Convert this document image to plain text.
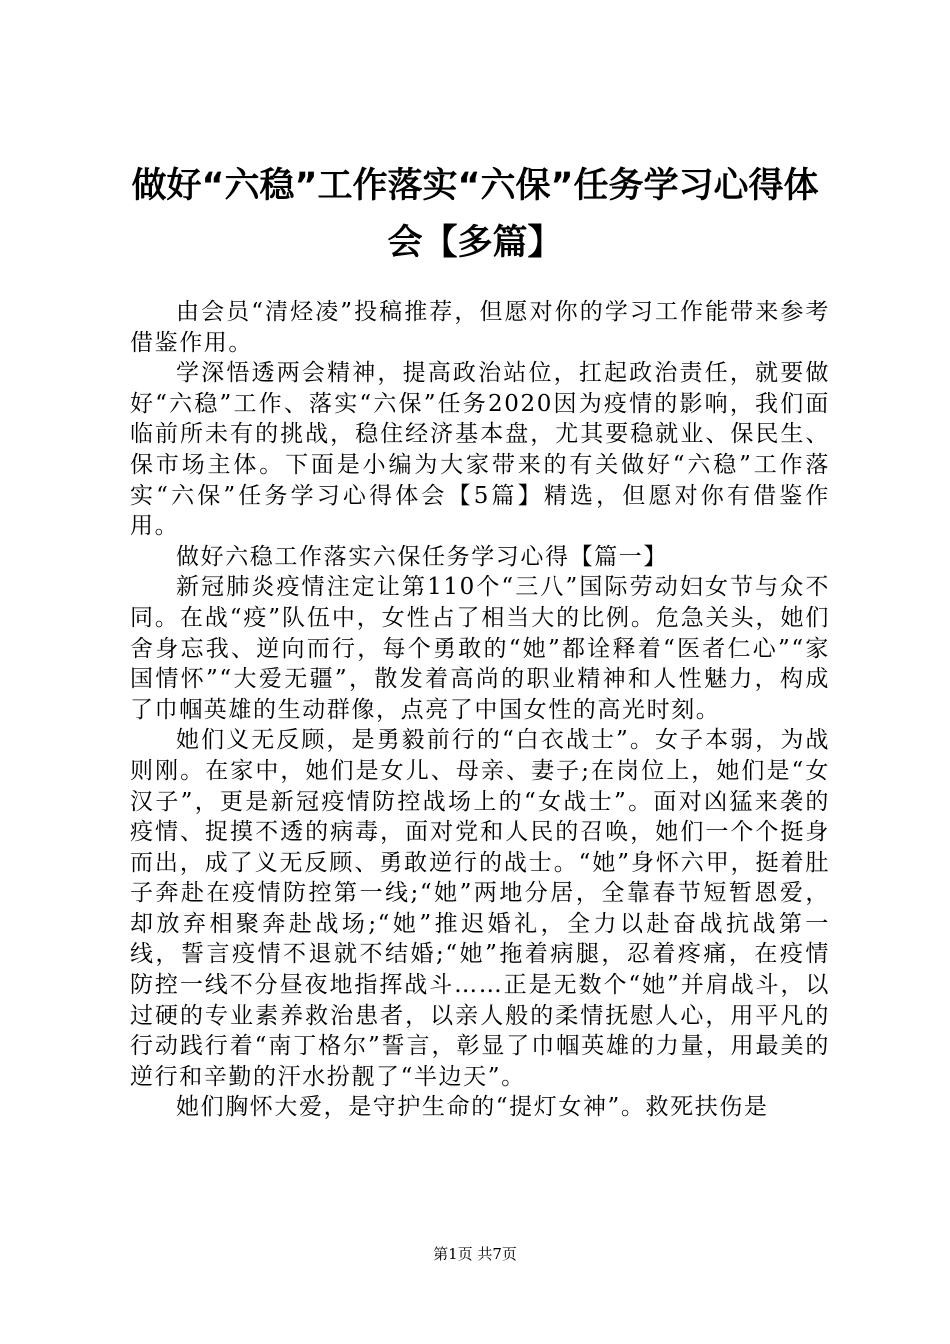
做好“六稳”工作落实“六保”任务学习心得体会【多篇】

由会员“清烃凌”投稿推荐，但愿对你的学习工作能带来参考借鉴作用。

学深悟透两会精神，提高政治站位，扛起政治责任，就要做好“六稳”工作、落实“六保”任务2020因为疫情的影响，我们面临前所未有的挑战，稳住经济基本盘，尤其要稳就业、保民生、保市场主体。下面是小编为大家带来的有关做好“六稳”工作落实“六保”任务学习心得体会【5篇】精选，但愿对你有借鉴作用。

做好六稳工作落实六保任务学习心得【篇一】

新冠肺炎疫情注定让第110个“三八”国际劳动妇女节与众不同。在战“疫”队伍中，女性占了相当大的比例。危急关头，她们舍身忘我、逆向而行，每个勇敢的“她”都诠释着“医者仁心”“家国情怀”“大爱无疆”，散发着高尚的职业精神和人性魅力，构成了巾帼英雄的生动群像，点亮了中国女性的高光时刻。

她们义无反顾，是勇毅前行的“白衣战士”。女子本弱，为战则刚。在家中，她们是女儿、母亲、妻子;在岗位上，她们是“女汉子”，更是新冠疫情防控战场上的“女战士”。面对凶猛来袭的疫情、捉摸不透的病毒，面对党和人民的召唤，她们一个个挺身而出，成了义无反顾、勇敢逆行的战士。“她”身怀六甲，挺着肚子奔赴在疫情防控第一线;“她”两地分居，全靠春节短暂恩爱，却放弃相聚奔赴战场;“她”推迟婚礼，全力以赴奋战抗战第一线，誓言疫情不退就不结婚;“她”拖着病腿，忍着疼痛，在疫情防控一线不分昼夜地指挥战斗……正是无数个“她”并肩战斗，以过硬的专业素养救治患者，以亲人般的柔情抚慰人心，用平凡的行动践行着“南丁格尔”誓言，彰显了巾帼英雄的力量，用最美的逆行和辛勤的汗水扮靓了“半边天”。

她们胸怀大爱，是守护生命的“提灯女神”。救死扶伤是

第1页 共7页
